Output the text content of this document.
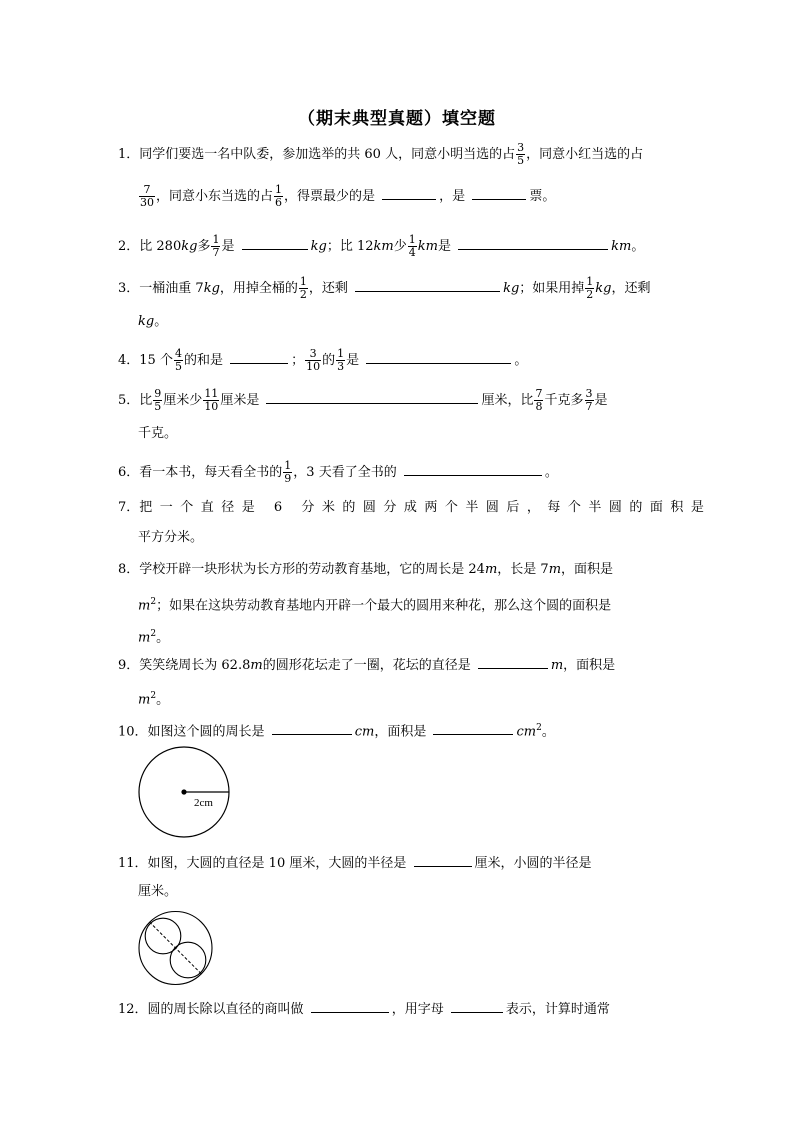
（期末典型真题）填空题
1．同学们要选一名中队委，参加选举的共 60 人，同意小明当选的占 $\frac{3}{5}$ ，同意小红当选的占
$\frac{7}{30}$ ，同意小东当选的占 $\frac{1}{6}$ ，得票最少的是	，是	票。
2．比 280kg多 $\frac{1}{7}$ 是	kg；比 12km少 $\frac{1}{4}$ km是	km。
3．一桶油重 7kg，用掉全桶的 $\frac{1}{2}$ ，还剩	kg；如果用掉 $\frac{1}{2}$ kg，还剩
kg。
4．15 个 $\frac{4}{5}$ 的和是	； $\frac{3}{10}$ 的 $\frac{1}{3}$ 是	。
5．比 $\frac{9}{5}$ 厘米少 $\frac{11}{10}$ 厘米是	厘米，比 $\frac{7}{8}$ 千克多 $\frac{3}{7}$ 是
千克。
6．看一本书，每天看全书的 $\frac{1}{9}$ ，3 天看了全书的	。
7．把一个直径是 6 分米的圆分成两个半圆后，每个半圆的面积是
平方分米。
8．学校开辟一块形状为长方形的劳动教育基地，它的周长是 24m，长是 7m，面积是
$m^2$；如果在这块劳动教育基地内开辟一个最大的圆用来种花，那么这个圆的面积是
$m^2$。
9．笑笑绕周长为 62.8m的圆形花坛走了一圈，花坛的直径是	m，面积是
$m^2$。
10．如图这个圆的周长是	cm，面积是	$cm^2$。
2cm
11．如图，大圆的直径是 10 厘米，大圆的半径是	厘米，小圆的半径是
厘米。
12．圆的周长除以直径的商叫做	，用字母	表示，计算时通常
